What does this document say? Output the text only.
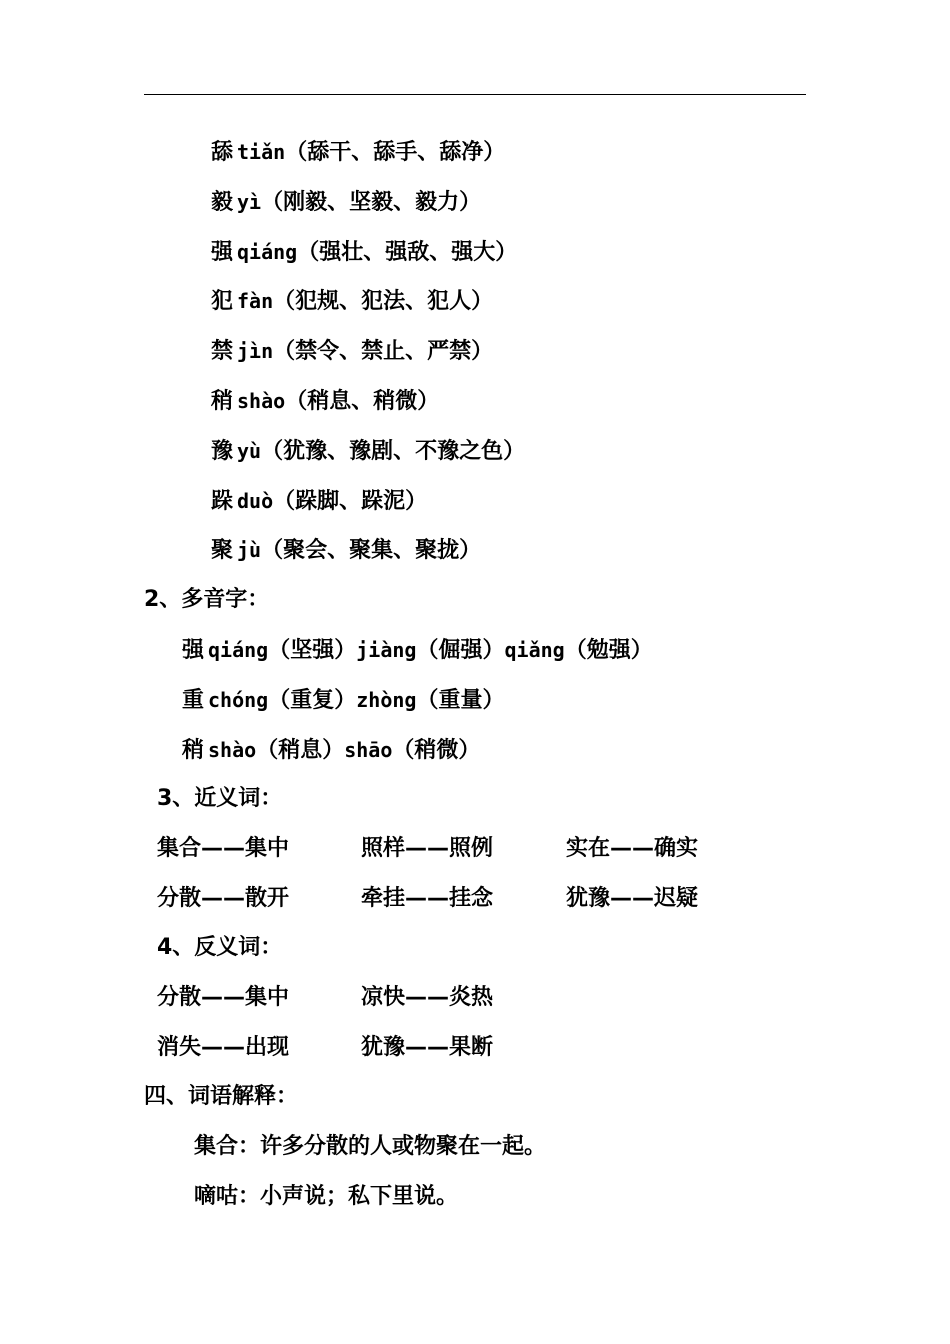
舔 tiǎn（舔干、舔手、舔净）
毅 yì（刚毅、坚毅、毅力）
强 qiáng（强壮、强敌、强大）
犯 fàn（犯规、犯法、犯人）
禁 jìn（禁令、禁止、严禁）
稍 shào（稍息、稍微）
豫 yù（犹豫、豫剧、不豫之色）
跺 duò（跺脚、跺泥）
聚 jù（聚会、聚集、聚拢）
2、多音字：
强 qiáng（坚强）jiàng（倔强）qiǎng（勉强）
重 chóng（重复）zhòng（重量）
稍 shào（稍息）shāo（稍微）
3、近义词：
集合——集中	照样——照例	实在——确实
分散——散开	牵挂——挂念	犹豫——迟疑
4、反义词：
分散——集中	凉快——炎热
消失——出现	犹豫——果断
四、词语解释：
集合：许多分散的人或物聚在一起。
嘀咕：小声说；私下里说。
